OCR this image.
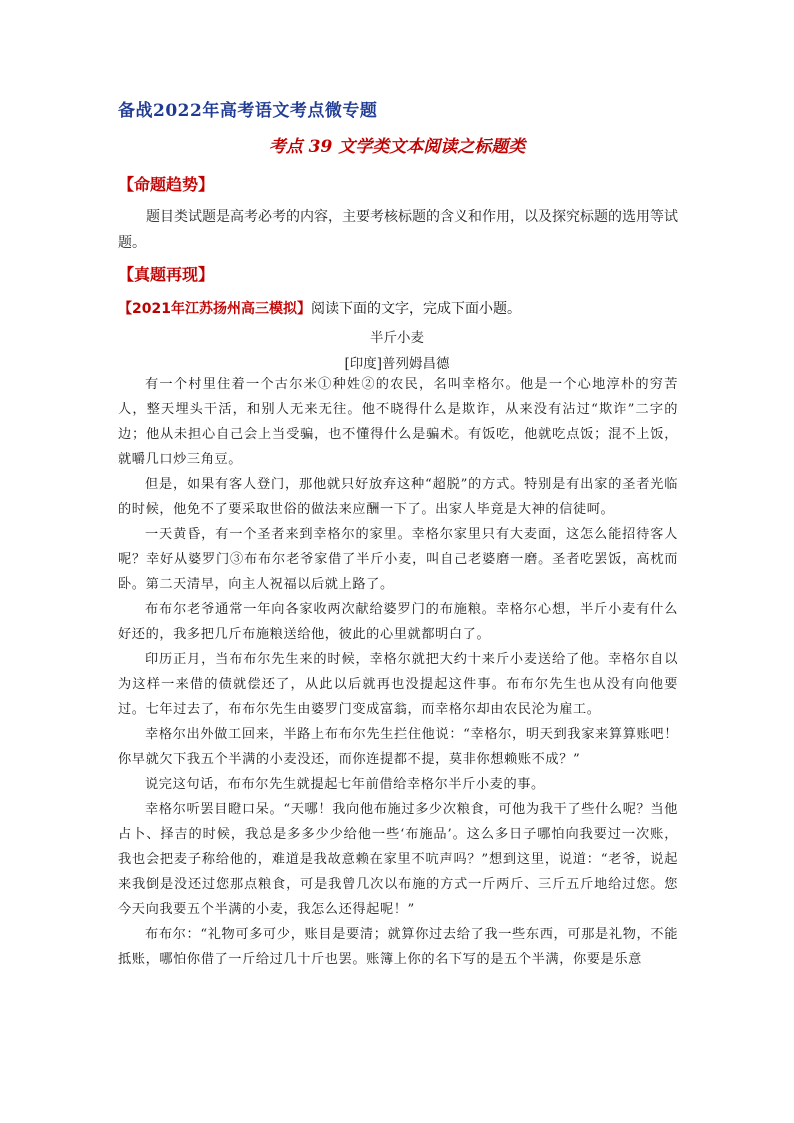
备战2022年高考语文考点微专题
考点 39 文学类文本阅读之标题类
【命题趋势】

题目类试题是高考必考的内容，主要考核标题的含义和作用，以及探究标题的选用等试题。

【真题再现】
【2021年江苏扬州高三模拟】阅读下面的文字，完成下面小题。
半斤小麦
[印度]普列姆昌德

有一个村里住着一个古尔米①种姓②的农民，名叫幸格尔。他是一个心地淳朴的穷苦人，整天埋头干活，和别人无来无往。他不晓得什么是欺诈，从来没有沾过“欺诈”二字的边；他从未担心自己会上当受骗，也不懂得什么是骗术。有饭吃，他就吃点饭；混不上饭，就嚼几口炒三角豆。

但是，如果有客人登门，那他就只好放弃这种“超脱”的方式。特别是有出家的圣者光临的时候，他免不了要采取世俗的做法来应酬一下了。出家人毕竟是大神的信徒呵。

一天黄昏，有一个圣者来到幸格尔的家里。幸格尔家里只有大麦面，这怎么能招待客人呢？幸好从婆罗门③布布尔老爷家借了半斤小麦，叫自己老婆磨一磨。圣者吃罢饭，高枕而卧。第二天清早，向主人祝福以后就上路了。

布布尔老爷通常一年向各家收两次献给婆罗门的布施粮。幸格尔心想，半斤小麦有什么好还的，我多把几斤布施粮送给他，彼此的心里就都明白了。

印历正月，当布布尔先生来的时候，幸格尔就把大约十来斤小麦送给了他。幸格尔自以为这样一来借的债就偿还了，从此以后就再也没提起这件事。布布尔先生也从没有向他要过。七年过去了，布布尔先生由婆罗门变成富翁，而幸格尔却由农民沦为雇工。

幸格尔出外做工回来，半路上布布尔先生拦住他说：“幸格尔，明天到我家来算算账吧！你早就欠下我五个半满的小麦没还，而你连提都不提，莫非你想赖账不成？”

说完这句话，布布尔先生就提起七年前借给幸格尔半斤小麦的事。

幸格尔听罢目瞪口呆。“天哪！我向他布施过多少次粮食，可他为我干了些什么呢？当他占卜、择吉的时候，我总是多多少少给他一些‘布施品’。这么多日子哪怕向我要过一次账，我也会把麦子称给他的，难道是我故意赖在家里不吭声吗？”想到这里，说道：“老爷，说起来我倒是没还过您那点粮食，可是我曾几次以布施的方式一斤两斤、三斤五斤地给过您。您今天向我要五个半满的小麦，我怎么还得起呢！”

布布尔：“礼物可多可少，账目是要清；就算你过去给了我一些东西，可那是礼物，不能抵账，哪怕你借了一斤给过几十斤也罢。账簿上你的名下写的是五个半满，你要是乐意
